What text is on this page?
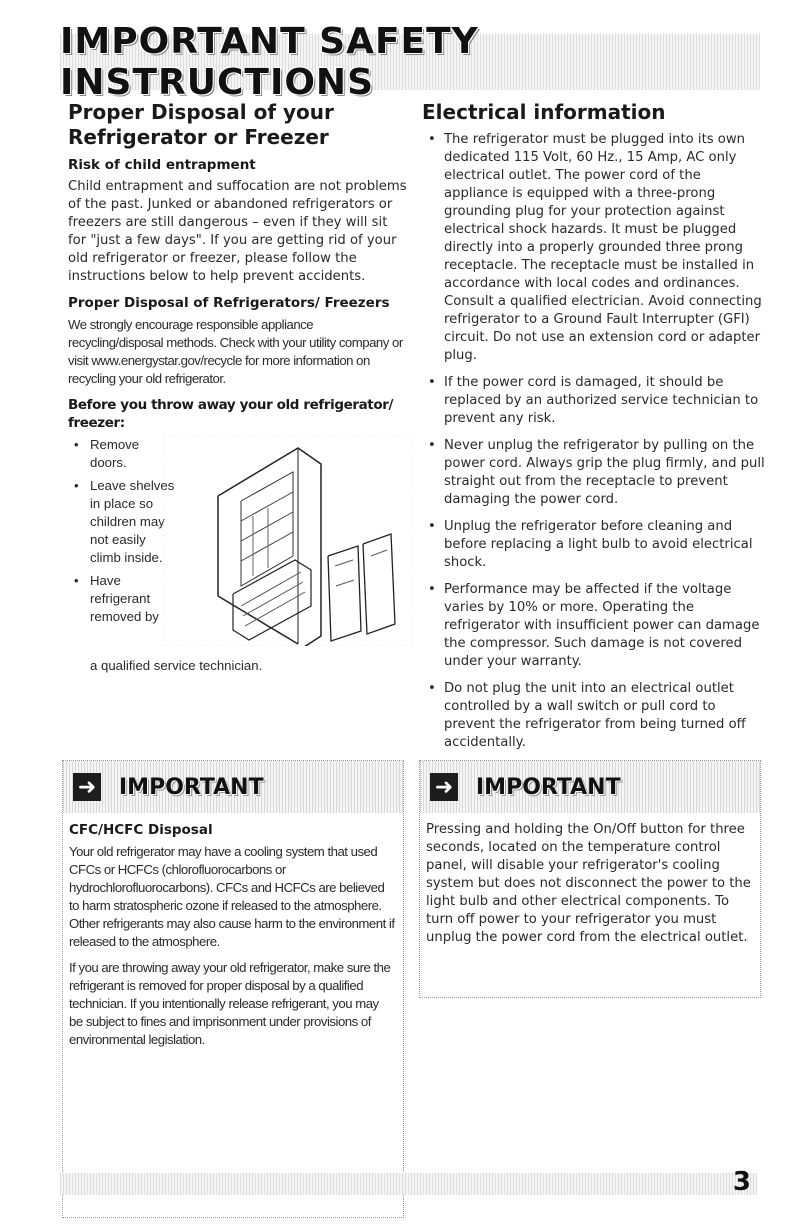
IMPORTANT SAFETY INSTRUCTIONS
Proper Disposal of your
Refrigerator or Freezer
Risk of child entrapment

Child entrapment and suffocation are not problems of the past. Junked or abandoned refrigerators or freezers are still dangerous – even if they will sit for "just a few days". If you are getting rid of your old refrigerator or freezer, please follow the instructions below to help prevent accidents.

Proper Disposal of Refrigerators/ Freezers

We strongly encourage responsible appliance recycling/disposal methods. Check with your utility company or visit www.energystar.gov/recycle for more information on recycling your old refrigerator.

Before you throw away your old refrigerator/ freezer:
• Remove doors.
• Leave shelves in place so children may not easily climb inside.
• Have refrigerant removed by
a qualified service technician.
Electrical information
• The refrigerator must be plugged into its own dedicated 115 Volt, 60 Hz., 15 Amp, AC only electrical outlet. The power cord of the appliance is equipped with a three-prong grounding plug for your protection against electrical shock hazards. It must be plugged directly into a properly grounded three prong receptacle. The receptacle must be installed in accordance with local codes and ordinances. Consult a qualified electrician. Avoid connecting refrigerator to a Ground Fault Interrupter (GFI) circuit. Do not use an extension cord or adapter plug.
• If the power cord is damaged, it should be replaced by an authorized service technician to prevent any risk.
• Never unplug the refrigerator by pulling on the power cord. Always grip the plug firmly, and pull straight out from the receptacle to prevent damaging the power cord.
• Unplug the refrigerator before cleaning and before replacing a light bulb to avoid electrical shock.
• Performance may be affected if the voltage varies by 10% or more. Operating the refrigerator with insufficient power can damage the compressor. Such damage is not covered under your warranty.
• Do not plug the unit into an electrical outlet controlled by a wall switch or pull cord to prevent the refrigerator from being turned off accidentally.
➜ IMPORTANT
CFC/HCFC Disposal

Your old refrigerator may have a cooling system that used CFCs or HCFCs (chlorofluorocarbons or hydrochlorofluorocarbons). CFCs and HCFCs are believed to harm stratospheric ozone if released to the atmosphere. Other refrigerants may also cause harm to the environment if released to the atmosphere.

If you are throwing away your old refrigerator, make sure the refrigerant is removed for proper disposal by a qualified technician. If you intentionally release refrigerant, you may be subject to fines and imprisonment under provisions of environmental legislation.

➜ IMPORTANT

Pressing and holding the On/Off button for three seconds, located on the temperature control panel, will disable your refrigerator's cooling system but does not disconnect the power to the light bulb and other electrical components. To turn off power to your refrigerator you must unplug the power cord from the electrical outlet.

3
